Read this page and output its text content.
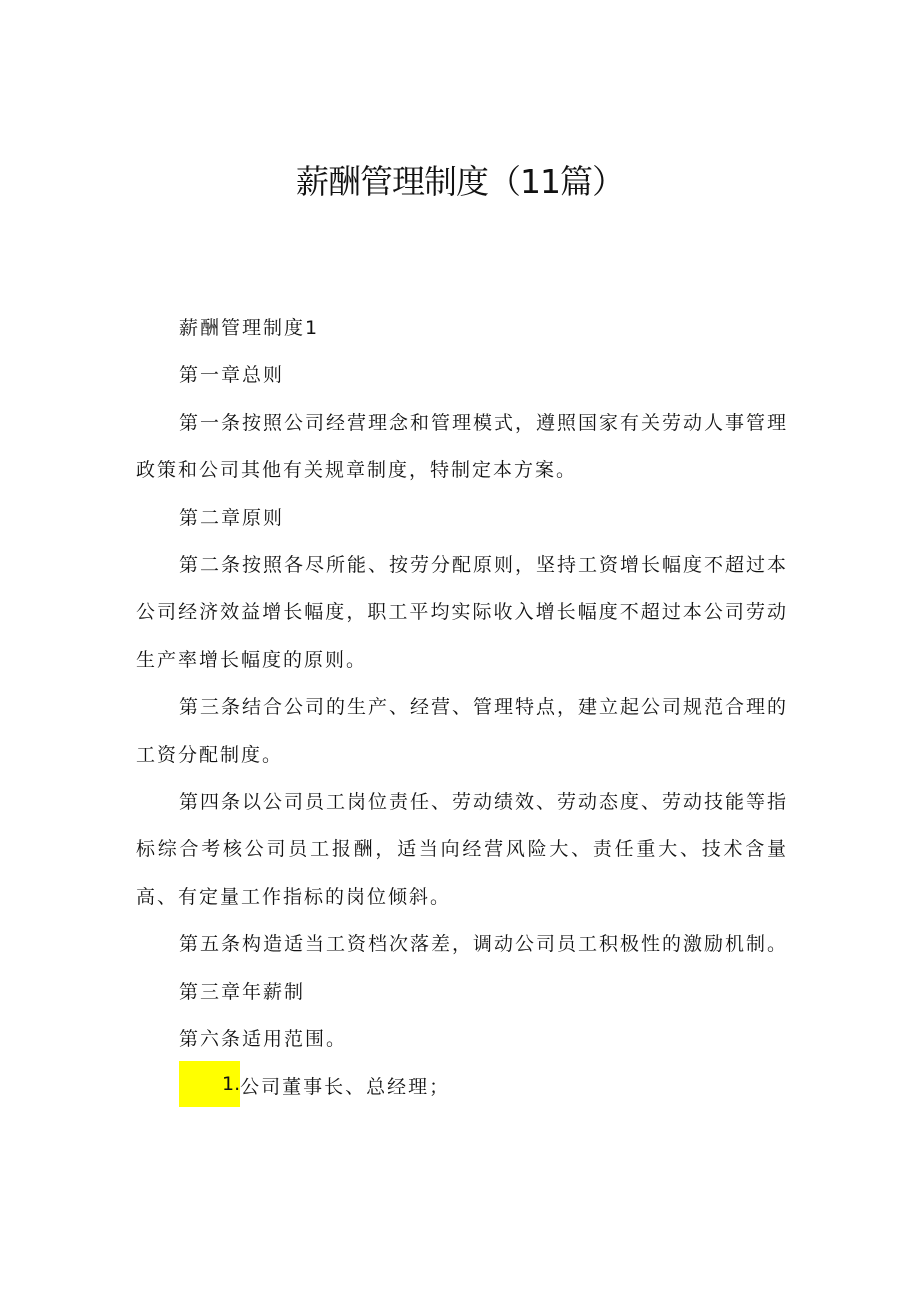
薪酬管理制度（11篇）

薪酬管理制度1

第一章总则

第一条按照公司经营理念和管理模式，遵照国家有关劳动人事管理政策和公司其他有关规章制度，特制定本方案。

第二章原则

第二条按照各尽所能、按劳分配原则，坚持工资增长幅度不超过本公司经济效益增长幅度，职工平均实际收入增长幅度不超过本公司劳动生产率增长幅度的原则。

第三条结合公司的生产、经营、管理特点，建立起公司规范合理的工资分配制度。

第四条以公司员工岗位责任、劳动绩效、劳动态度、劳动技能等指标综合考核公司员工报酬，适当向经营风险大、责任重大、技术含量高、有定量工作指标的岗位倾斜。

第五条构造适当工资档次落差，调动公司员工积极性的激励机制。

第三章年薪制

第六条适用范围。

1.公司董事长、总经理；
